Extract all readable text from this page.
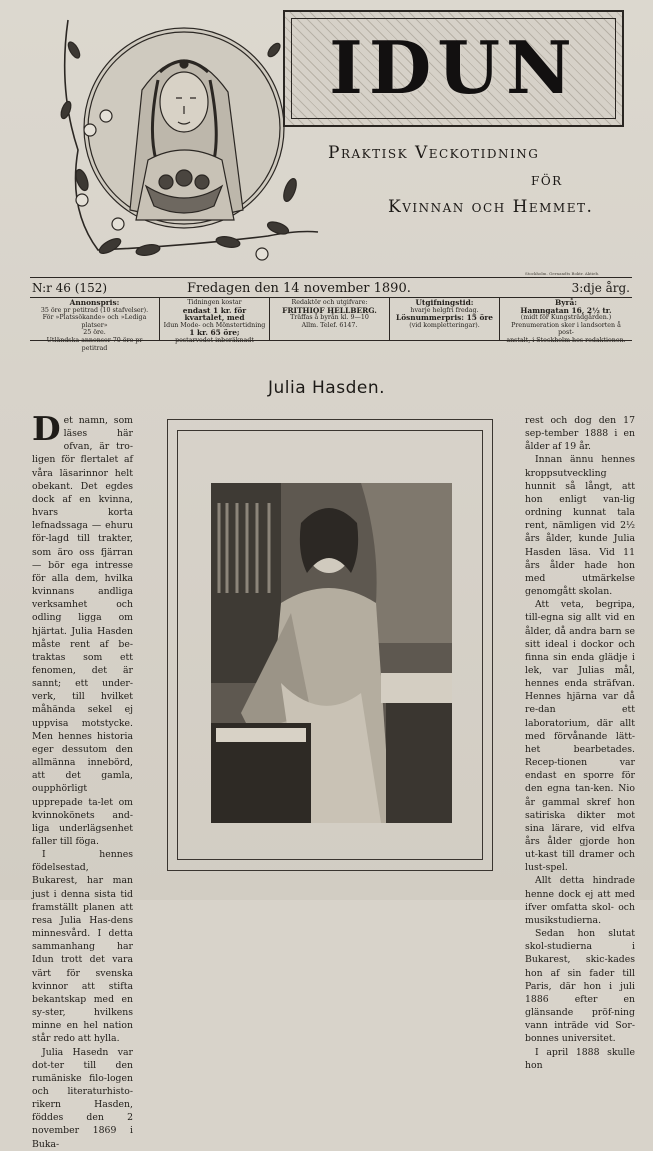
IDUN
Praktisk Veckotidning
för
Kvinnan och Hemmet.
Stockholm. Gernandts Boktr. Aktieb.
N:r 46 (152)	Fredagen den 14 november 1890.	3:dje årg.
Annonspris:
35 öre pr petitrad (10 stafvelser).
För »Platssökande» och »Lediga platser»
25 öre.
petitrad
Tidningen kostar
endast 1 kr. för kvartalet, med
Idun Mode- och Mönstertidning
1 kr. 65 öre;
Redaktör och utgifvare:
FRITHIOF HELLBERG.
Träffas å byrån kl. 9—10
Allm. Telef. 6147.
Utgifningstid:
hvarje helgfri fredag.
Lösnummerpris: 15 öre
(vid kompletteringar).
Byrå:
Hamngatan 16, 2½ tr.
(midt för Kungsträdgården.)
Prenumeration sker i landsorten å post-
Julia Hasden.

Det namn, som läses här ofvan, är tro-ligen för flertalet af våra läsarinnor helt obekant. Det egdes dock af en kvinna, hvars korta lefnadssaga — ehuru för-lagd till trakter, som äro oss fjärran — bör ega intresse för alla dem, hvilka kvinnans andliga verksamhet och odling ligga om hjärtat. Julia Hasden måste rent af be-traktas som ett fenomen, det är sannt; ett under-verk, till hvilket måhända sekel ej uppvisa motstycke. Men hennes historia eger dessutom den allmänna innebörd, att det gamla, oupphörligt upprepade ta-let om kvinnokönets and-liga underlägsenhet faller till föga.

I hennes födelsestad, Bukarest, har man just i denna sista tid framställt planen att resa Julia Has-dens minnesvård. I detta sammanhang har Idun trott det vara värt för svenska kvinnor att stifta bekantskap med en sy-ster, hvilkens minne en hel nation står redo att hylla.

Julia Hasedn var dot-ter till den rumäniske filo-logen och literaturhisto-rikern Hasden, föddes den 2 november 1869 i Buka-

rest och dog den 17 sep-tember 1888 i en ålder af 19 år.

Innan ännu hennes kroppsutveckling hunnit så långt, att hon enligt van-lig ordning kunnat tala rent, nämligen vid 2½ års ålder, kunde Julia Hasden läsa. Vid 11 års ålder hade hon med utmärkelse genomgått skolan.

Att veta, begripa, till-egna sig allt vid en ålder, då andra barn se sitt ideal i dockor och finna sin enda glädje i lek, var Julias mål, hennes enda sträfvan. Hennes hjärna var då re-dan ett laboratorium, där allt med förvånande lätt-het bearbetades. Recep-tionen var endast en sporre för den egna tan-ken. Nio år gammal skref hon satiriska dikter mot sina lärare, vid elfva års ålder gjorde hon ut-kast till dramer och lust-spel.

Allt detta hindrade henne dock ej att med ifver omfatta skol- och musikstudierna.

Sedan hon slutat skol-studierna i Bukarest, skic-kades hon af sin fader till Paris, där hon i juli 1886 efter en glänsande pröf-ning vann inträde vid Sor-bonnes universitet.

I april 1888 skulle hon
